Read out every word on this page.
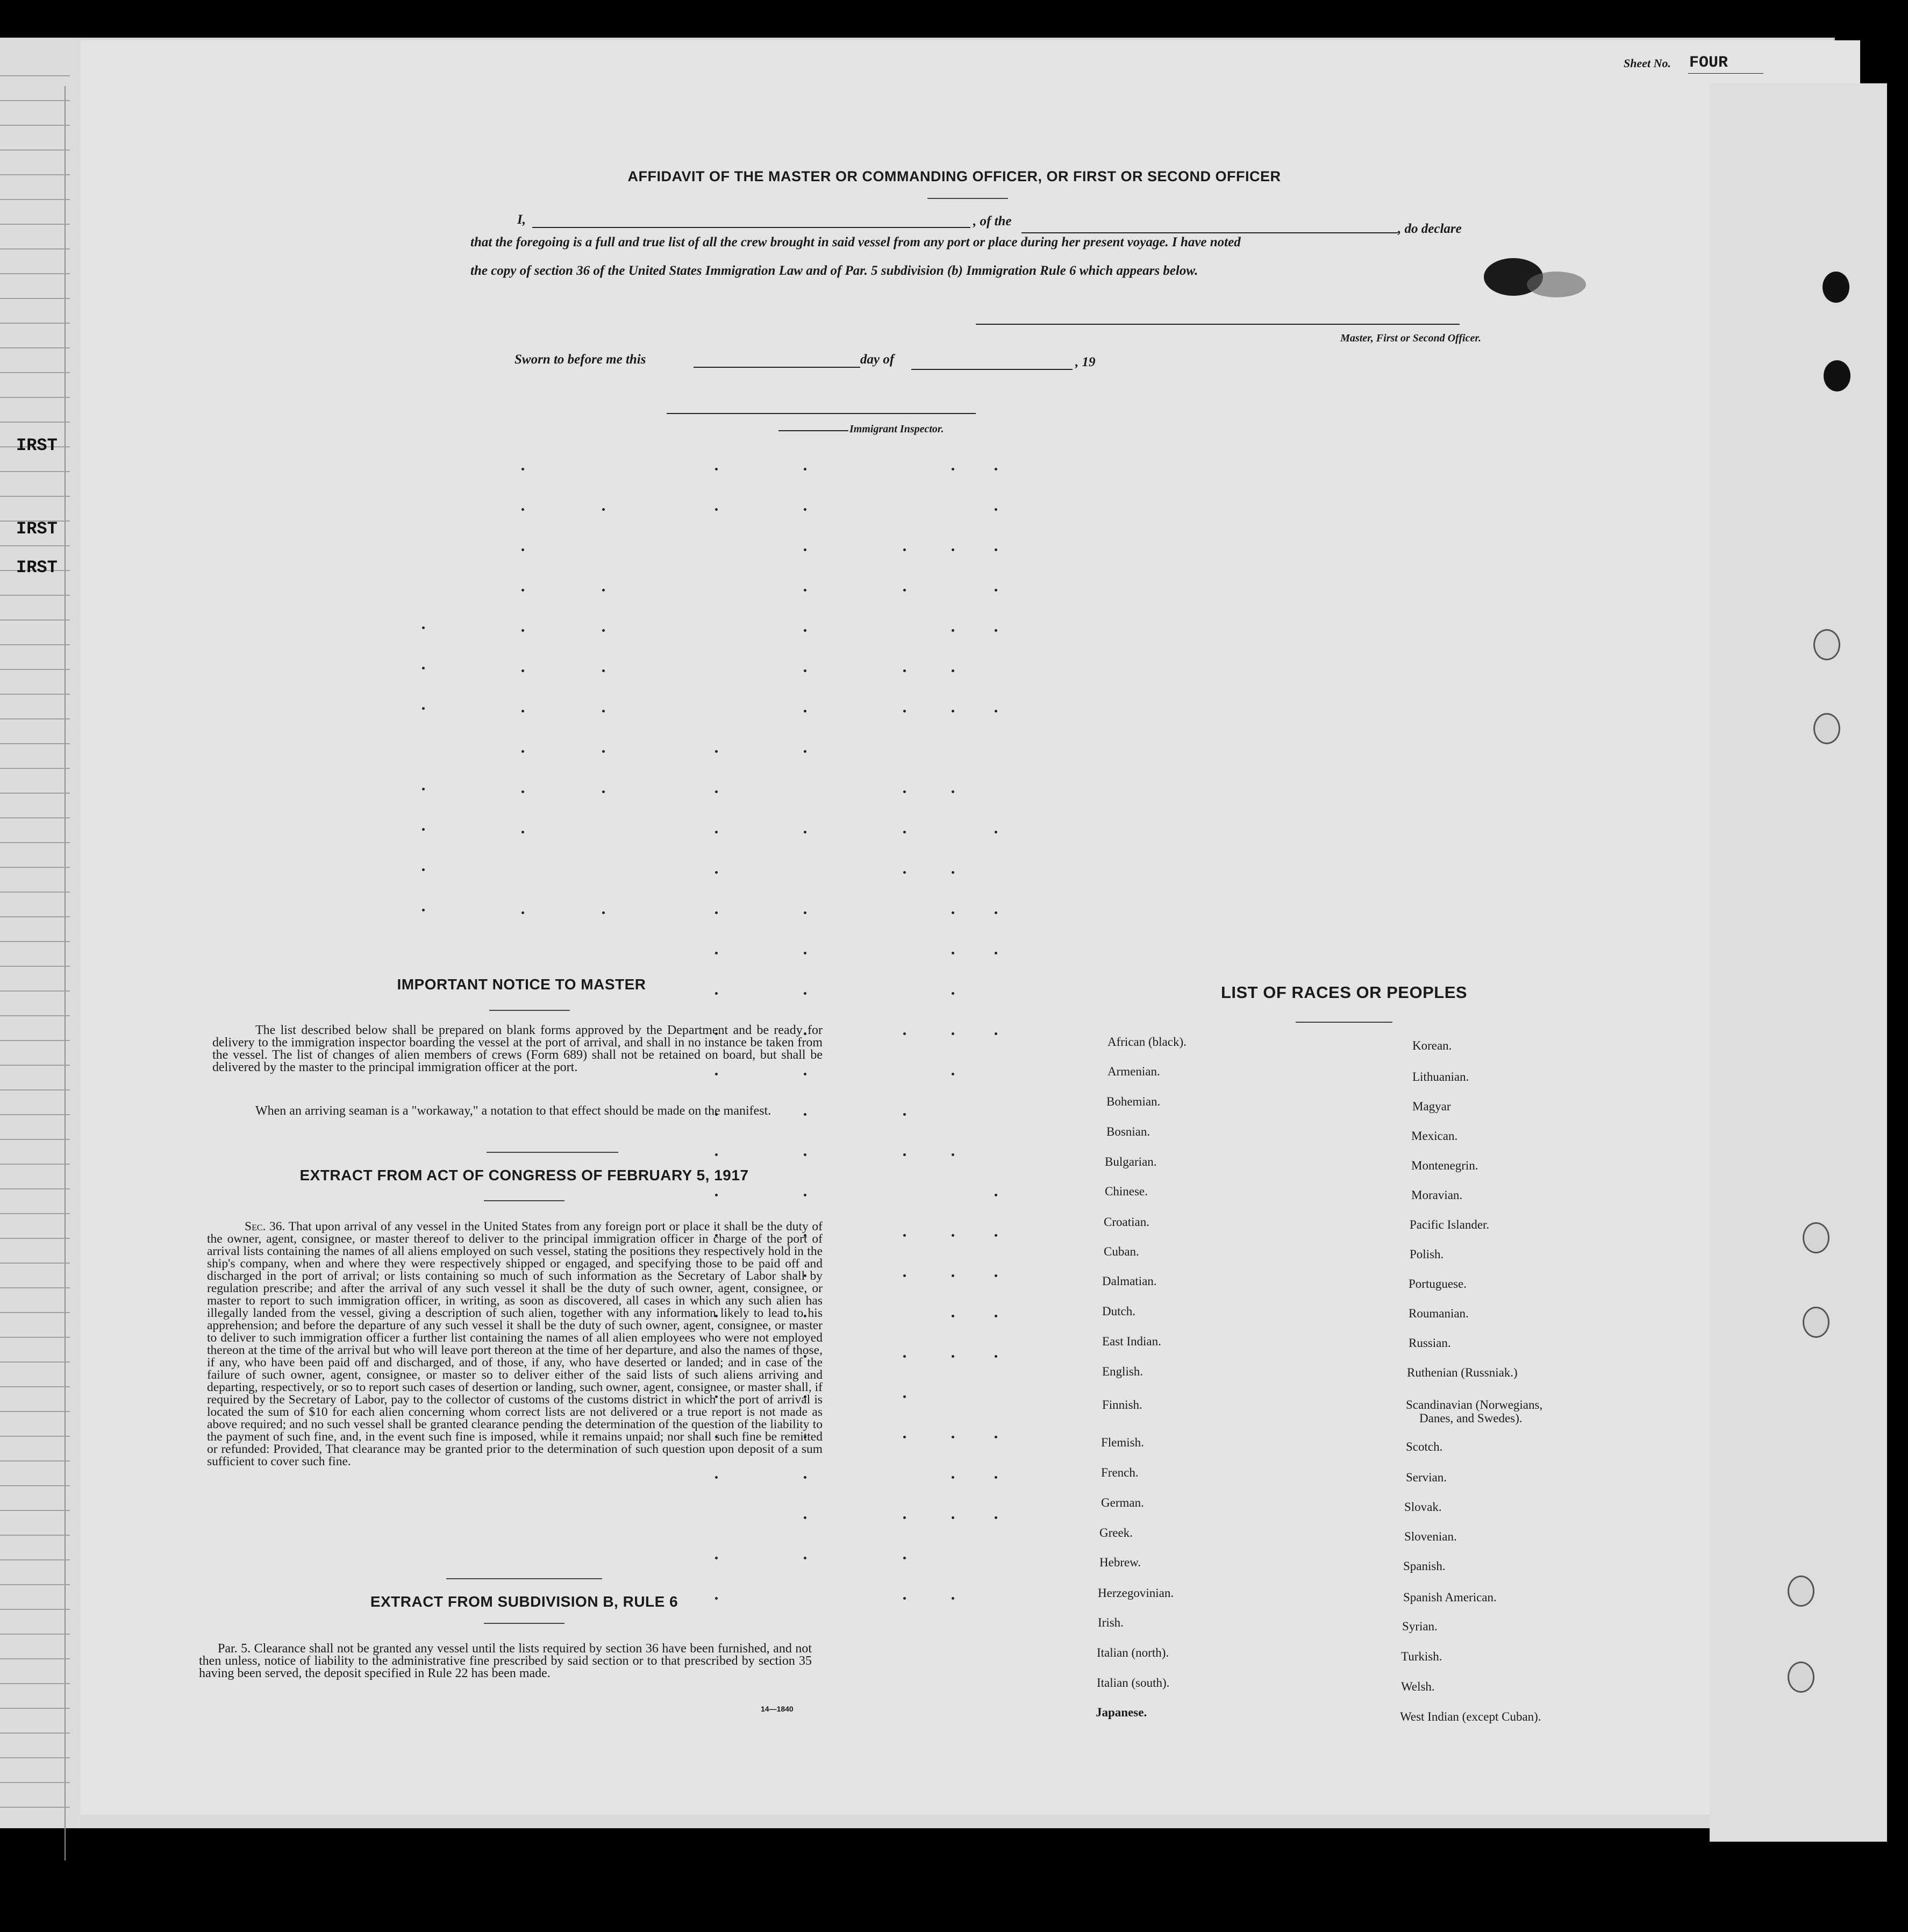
IRST
IRST
IRST
Sheet No. FOUR
AFFIDAVIT OF THE MASTER OR COMMANDING OFFICER, OR FIRST OR SECOND OFFICER
I,	, of the
, do declare
that the foregoing is a full and true list of all the crew brought in said vessel from any port or place during her present voyage. I have noted
the copy of section 36 of the United States Immigration Law and of Par. 5 subdivision (b) Immigration Rule 6 which appears below.
Master, First or Second Officer.
Sworn to before me this	day of	, 19
Immigrant Inspector.
IMPORTANT NOTICE TO MASTER
The list described below shall be prepared on blank forms approved by the Department and be ready for delivery to the immigration inspector boarding the vessel at the port of arrival, and shall in no instance be taken from the vessel. The list of changes of alien members of crews (Form 689) shall not be retained on board, but shall be delivered by the master to the principal immigration officer at the port.
When an arriving seaman is a "workaway," a notation to that effect should be made on the manifest.
EXTRACT FROM ACT OF CONGRESS OF FEBRUARY 5, 1917
Sec. 36. That upon arrival of any vessel in the United States from any foreign port or place it shall be the duty of the owner, agent, consignee, or master thereof to deliver to the principal immigration officer in charge of the port of arrival lists containing the names of all aliens employed on such vessel, stating the positions they respectively hold in the ship's company, when and where they were respectively shipped or engaged, and specifying those to be paid off and discharged in the port of arrival; or lists containing so much of such information as the Secretary of Labor shall by regulation prescribe; and after the arrival of any such vessel it shall be the duty of such owner, agent, consignee, or master to report to such immigration officer, in writing, as soon as discovered, all cases in which any such alien has illegally landed from the vessel, giving a description of such alien, together with any information likely to lead to his apprehension; and before the departure of any such vessel it shall be the duty of such owner, agent, consignee, or master to deliver to such immigration officer a further list containing the names of all alien employees who were not employed thereon at the time of the arrival but who will leave port thereon at the time of her departure, and also the names of those, if any, who have been paid off and discharged, and of those, if any, who have deserted or landed; and in case of the failure of such owner, agent, consignee, or master so to deliver either of the said lists of such aliens arriving and departing, respectively, or so to report such cases of desertion or landing, such owner, agent, consignee, or master shall, if required by the Secretary of Labor, pay to the collector of customs of the customs district in which the port of arrival is located the sum of $10 for each alien concerning whom correct lists are not delivered or a true report is not made as above required; and no such vessel shall be granted clearance pending the determination of the question of the liability to the payment of such fine, and, in the event such fine is imposed, while it remains unpaid; nor shall such fine be remitted or refunded: Provided, That clearance may be granted prior to the determination of such question upon deposit of a sum sufficient to cover such fine.
EXTRACT FROM SUBDIVISION B, RULE 6
Par. 5. Clearance shall not be granted any vessel until the lists required by section 36 have been furnished, and not then unless, notice of liability to the administrative fine prescribed by said section or to that prescribed by section 35 having been served, the deposit specified in Rule 22 has been made.
14—1840
LIST OF RACES OR PEOPLES
African (black).
Armenian.
Bohemian.
Bosnian.
Bulgarian.
Chinese.
Croatian.
Cuban.
Dalmatian.
Dutch.
East Indian.
English.
Finnish.
Flemish.
French.
German.
Greek.
Hebrew.
Herzegovinian.
Irish.
Italian (north).
Italian (south).
Japanese.
Korean.
Lithuanian.
Magyar
Mexican.
Montenegrin.
Moravian.
Pacific Islander.
Polish.
Portuguese.
Roumanian.
Russian.
Ruthenian (Russniak.)
Scandinavian (Norwegians,
Danes, and Swedes).
Scotch.
Servian.
Slovak.
Slovenian.
Spanish.
Spanish American.
Syrian.
Turkish.
Welsh.
West Indian (except Cuban).
